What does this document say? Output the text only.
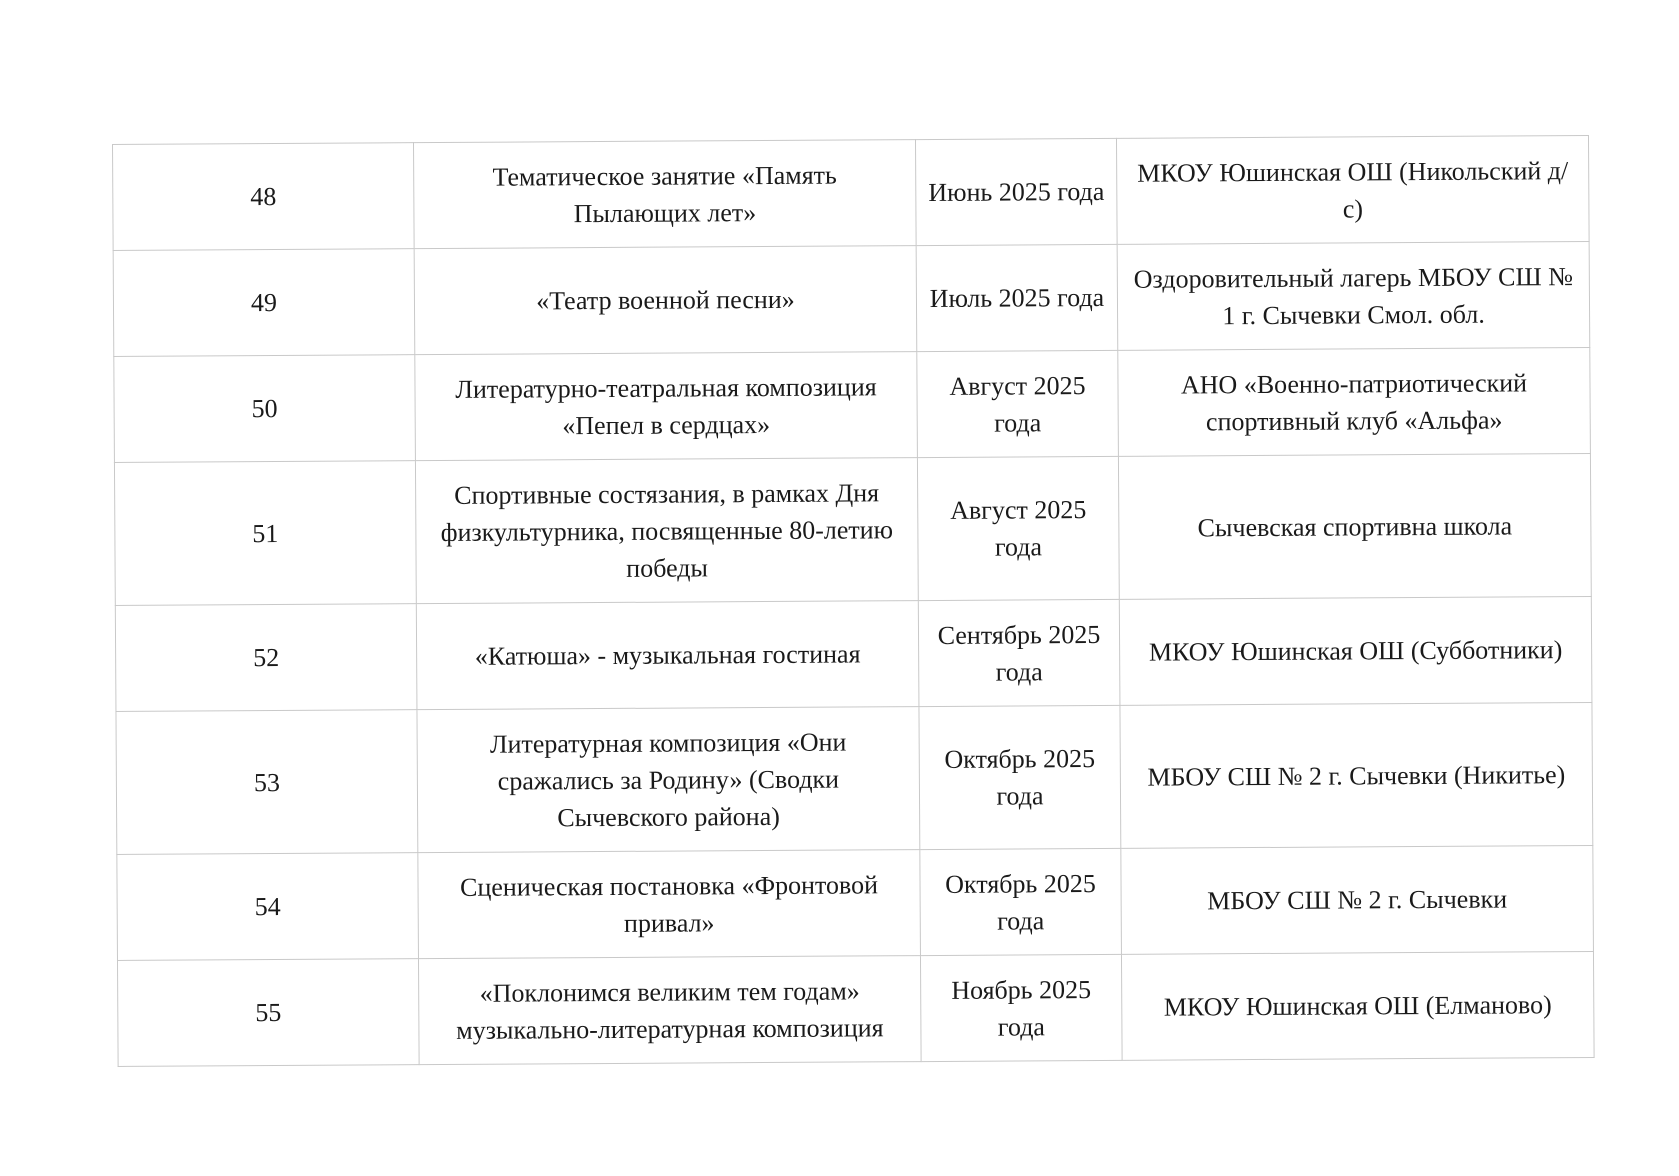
48	Тематическое занятие «Память Пылающих лет»	Июнь 2025 года	МКОУ Юшинская ОШ (Никольский д/с)
49	«Театр военной песни»	Июль 2025 года	Оздоровительный лагерь МБОУ СШ № 1 г. Сычевки Смол. обл.
50	Литературно-театральная композиция «Пепел в сердцах»	Август 2025 года	АНО «Военно-патриотический спортивный клуб «Альфа»
51	Спортивные состязания, в рамках Дня физкультурника, посвященные 80-летию победы	Август 2025 года	Сычевская спортивна школа
52	«Катюша» - музыкальная гостиная	Сентябрь 2025 года	МКОУ Юшинская ОШ (Субботники)
53	Литературная композиция «Они сражались за Родину» (Сводки Сычевского района)	Октябрь 2025 года	МБОУ СШ № 2 г. Сычевки (Никитье)
54	Сценическая постановка «Фронтовой привал»	Октябрь 2025 года	МБОУ СШ № 2 г. Сычевки
55	«Поклонимся великим тем годам» музыкально-литературная композиция	Ноябрь 2025 года	МКОУ Юшинская ОШ (Елманово)
